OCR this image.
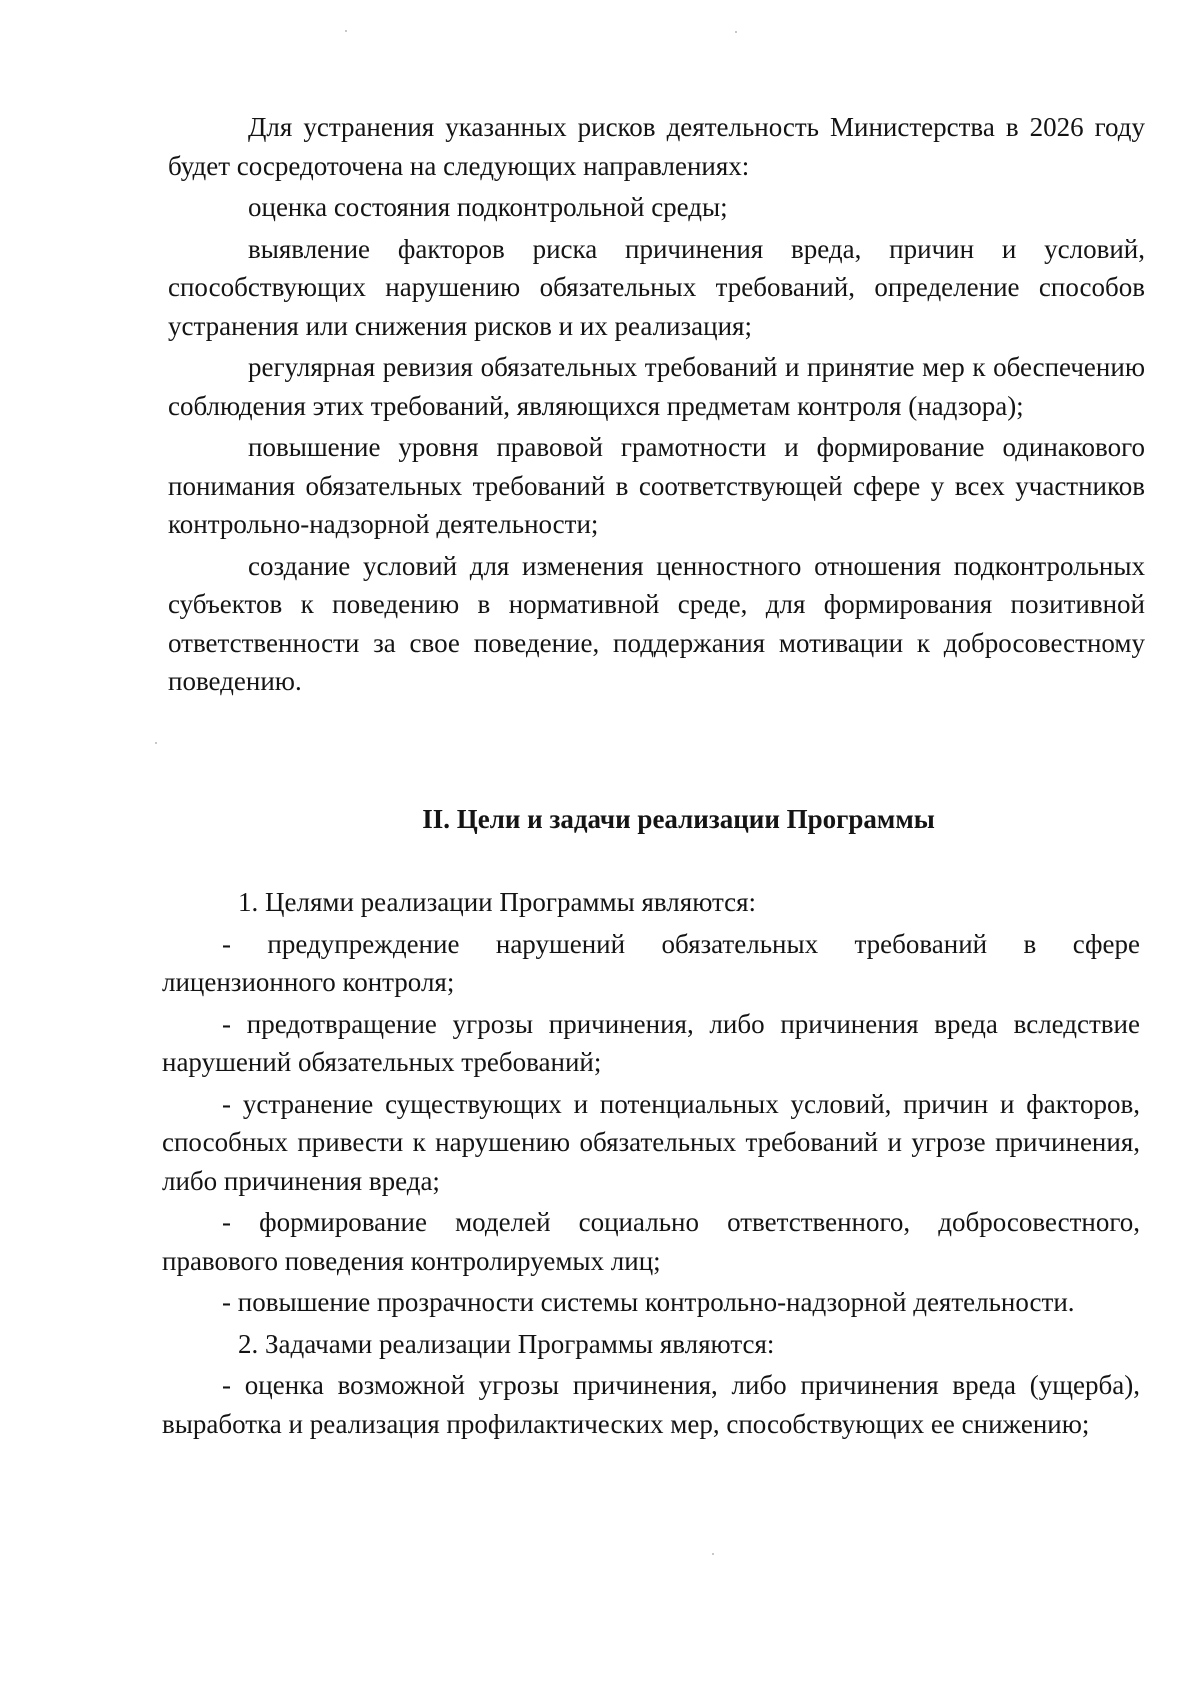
Для устранения указанных рисков деятельность Министерства в 2026 году будет сосредоточена на следующих направлениях:

оценка состояния подконтрольной среды;

выявление факторов риска причинения вреда, причин и условий, способствующих нарушению обязательных требований, определение способов устранения или снижения рисков и их реализация;

регулярная ревизия обязательных требований и принятие мер к обеспечению соблюдения этих требований, являющихся предметам контроля (надзора);

повышение уровня правовой грамотности и формирование одинакового понимания обязательных требований в соответствующей сфере у всех участников контрольно-надзорной деятельности;

создание условий для изменения ценностного отношения подконтрольных субъектов к поведению в нормативной среде, для формирования позитивной ответственности за свое поведение, поддержания мотивации к добросовестному поведению.

II. Цели и задачи реализации Программы

1. Целями реализации Программы являются:

- предупреждение нарушений обязательных требований в сфере лицензионного контроля;

- предотвращение угрозы причинения, либо причинения вреда вследствие нарушений обязательных требований;

- устранение существующих и потенциальных условий, причин и факторов, способных привести к нарушению обязательных требований и угрозе причинения, либо причинения вреда;

- формирование моделей социально ответственного, добросовестного, правового поведения контролируемых лиц;

- повышение прозрачности системы контрольно-надзорной деятельности.

2. Задачами реализации Программы являются:

- оценка возможной угрозы причинения, либо причинения вреда (ущерба), выработка и реализация профилактических мер, способствующих ее снижению;
